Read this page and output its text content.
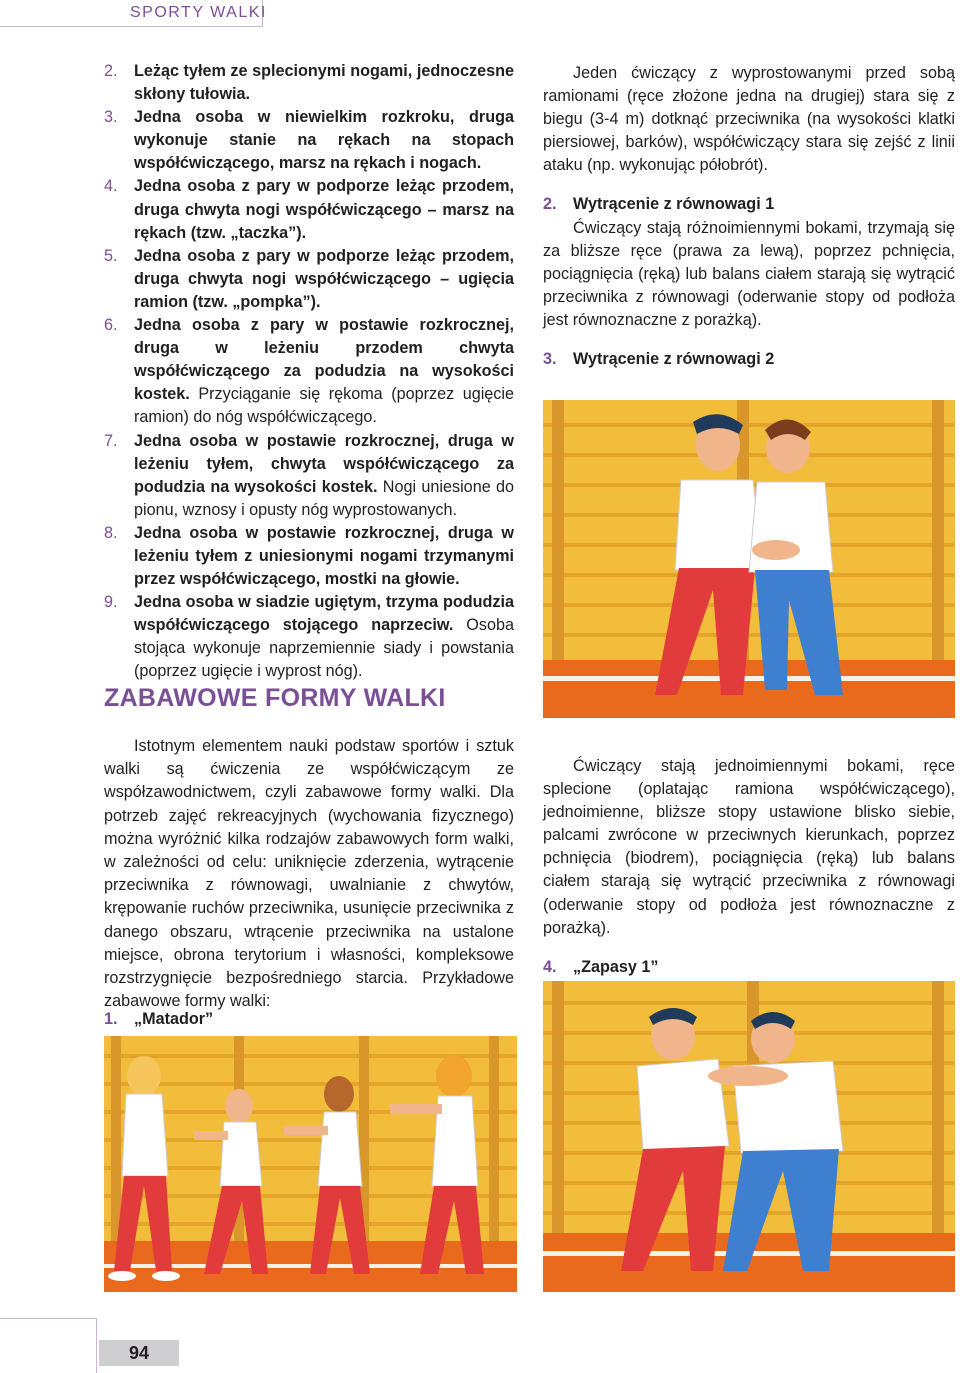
SPORTY WALKI
2. Leżąc tyłem ze splecionymi nogami, jednoczesne skłony tułowia.
3. Jedna osoba w niewielkim rozkroku, druga wykonuje stanie na rękach na stopach współćwiczącego, marsz na rękach i nogach.
4. Jedna osoba z pary w podporze leżąc przodem, druga chwyta nogi współćwiczącego – marsz na rękach (tzw. „taczka”).
5. Jedna osoba z pary w podporze leżąc przodem, druga chwyta nogi współćwiczącego – ugięcia ramion (tzw. „pompka”).
6. Jedna osoba z pary w postawie rozkrocznej, druga w leżeniu przodem chwyta współćwiczącego za podudzia na wysokości kostek. Przyciąganie się rękoma (poprzez ugięcie ramion) do nóg współćwiczącego.
7. Jedna osoba w postawie rozkrocznej, druga w leżeniu tyłem, chwyta współćwiczącego za podudzia na wysokości kostek. Nogi uniesione do pionu, wznosy i opusty nóg wyprostowanych.
8. Jedna osoba w postawie rozkrocznej, druga w leżeniu tyłem z uniesionymi nogami trzymanymi przez współćwiczącego, mostki na głowie.
9. Jedna osoba w siadzie ugiętym, trzyma podudzia współćwiczącego stojącego naprzeciw. Osoba stojąca wykonuje naprzemiennie siady i powstania (poprzez ugięcie i wyprost nóg).
ZABAWOWE FORMY WALKI

Istotnym elementem nauki podstaw sportów i sztuk walki są ćwiczenia ze współćwiczącym ze współzawodnictwem, czyli zabawowe formy walki. Dla potrzeb zajęć rekreacyjnych (wychowania fizycznego) można wyróżnić kilka rodzajów zabawowych form walki, w zależności od celu: uniknięcie zderzenia, wytrącenie przeciwnika z równowagi, uwalnianie z chwytów, krępowanie ruchów przeciwnika, usunięcie przeciwnika z danego obszaru, wtrącenie przeciwnika na ustalone miejsce, obrona terytorium i własności, kompleksowe rozstrzygnięcie bezpośredniego starcia. Przykładowe zabawowe formy walki:

1. „Matador”

Jeden ćwiczący z wyprostowanymi przed sobą ramionami (ręce złożone jedna na drugiej) stara się z biegu (3-4 m) dotknąć przeciwnika (na wysokości klatki piersiowej, barków), współćwiczący stara się zejść z linii ataku (np. wykonując półobrót).

2. Wytrącenie z równowagi 1

Ćwiczący stają różnoimiennymi bokami, trzymają się za bliższe ręce (prawa za lewą), poprzez pchnięcia, pociągnięcia (ręką) lub balans ciałem starają się wytrącić przeciwnika z równowagi (oderwanie stopy od podłoża jest równoznaczne z porażką).

3. Wytrącenie z równowagi 2

Ćwiczący stają jednoimiennymi bokami, ręce splecione (oplatając ramiona współćwiczącego), jednoimienne, bliższe stopy ustawione blisko siebie, palcami zwrócone w przeciwnych kierunkach, poprzez pchnięcia (biodrem), pociągnięcia (ręką) lub balans ciałem starają się wytrącić przeciwnika z równowagi (oderwanie stopy od podłoża jest równoznaczne z porażką).

4. „Zapasy 1”
94
